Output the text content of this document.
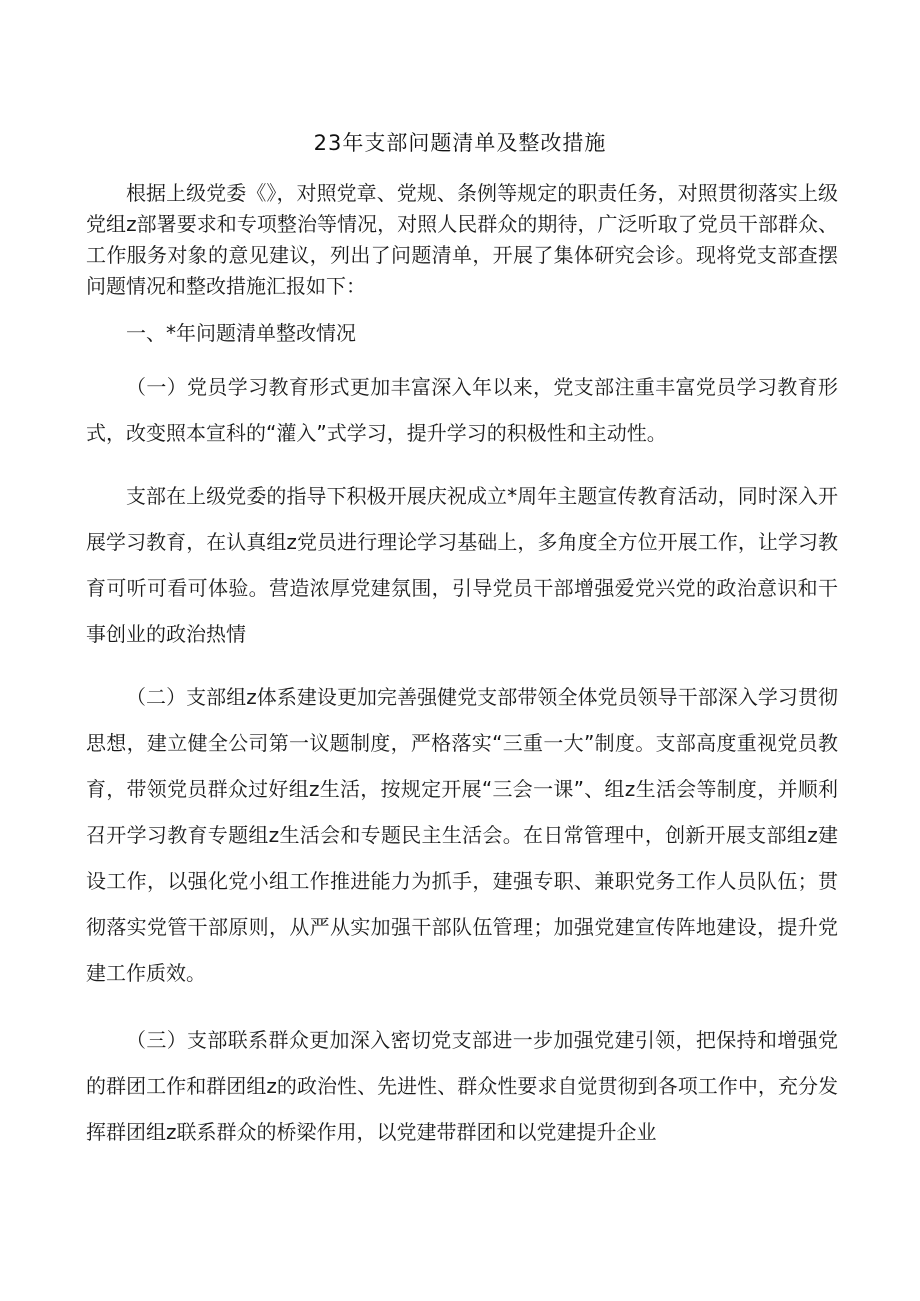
23年支部问题清单及整改措施

根据上级党委《》，对照党章、党规、条例等规定的职责任务，对照贯彻落实上级党组z部署要求和专项整治等情况，对照人民群众的期待，广泛听取了党员干部群众、工作服务对象的意见建议，列出了问题清单，开展了集体研究会诊。现将党支部查摆问题情况和整改措施汇报如下：

一、*年问题清单整改情况

（一）党员学习教育形式更加丰富深入年以来，党支部注重丰富党员学习教育形式，改变照本宣科的“灌入”式学习，提升学习的积极性和主动性。

支部在上级党委的指导下积极开展庆祝成立*周年主题宣传教育活动，同时深入开展学习教育，在认真组z党员进行理论学习基础上，多角度全方位开展工作，让学习教育可听可看可体验。营造浓厚党建氛围，引导党员干部增强爱党兴党的政治意识和干事创业的政治热情

（二）支部组z体系建设更加完善强健党支部带领全体党员领导干部深入学习贯彻思想，建立健全公司第一议题制度，严格落实“三重一大”制度。支部高度重视党员教育，带领党员群众过好组z生活，按规定开展“三会一课”、组z生活会等制度，并顺利召开学习教育专题组z生活会和专题民主生活会。在日常管理中，创新开展支部组z建设工作，以强化党小组工作推进能力为抓手，建强专职、兼职党务工作人员队伍；贯彻落实党管干部原则，从严从实加强干部队伍管理；加强党建宣传阵地建设，提升党建工作质效。

（三）支部联系群众更加深入密切党支部进一步加强党建引领，把保持和增强党的群团工作和群团组z的政治性、先进性、群众性要求自觉贯彻到各项工作中，充分发挥群团组z联系群众的桥梁作用，以党建带群团和以党建提升企业
